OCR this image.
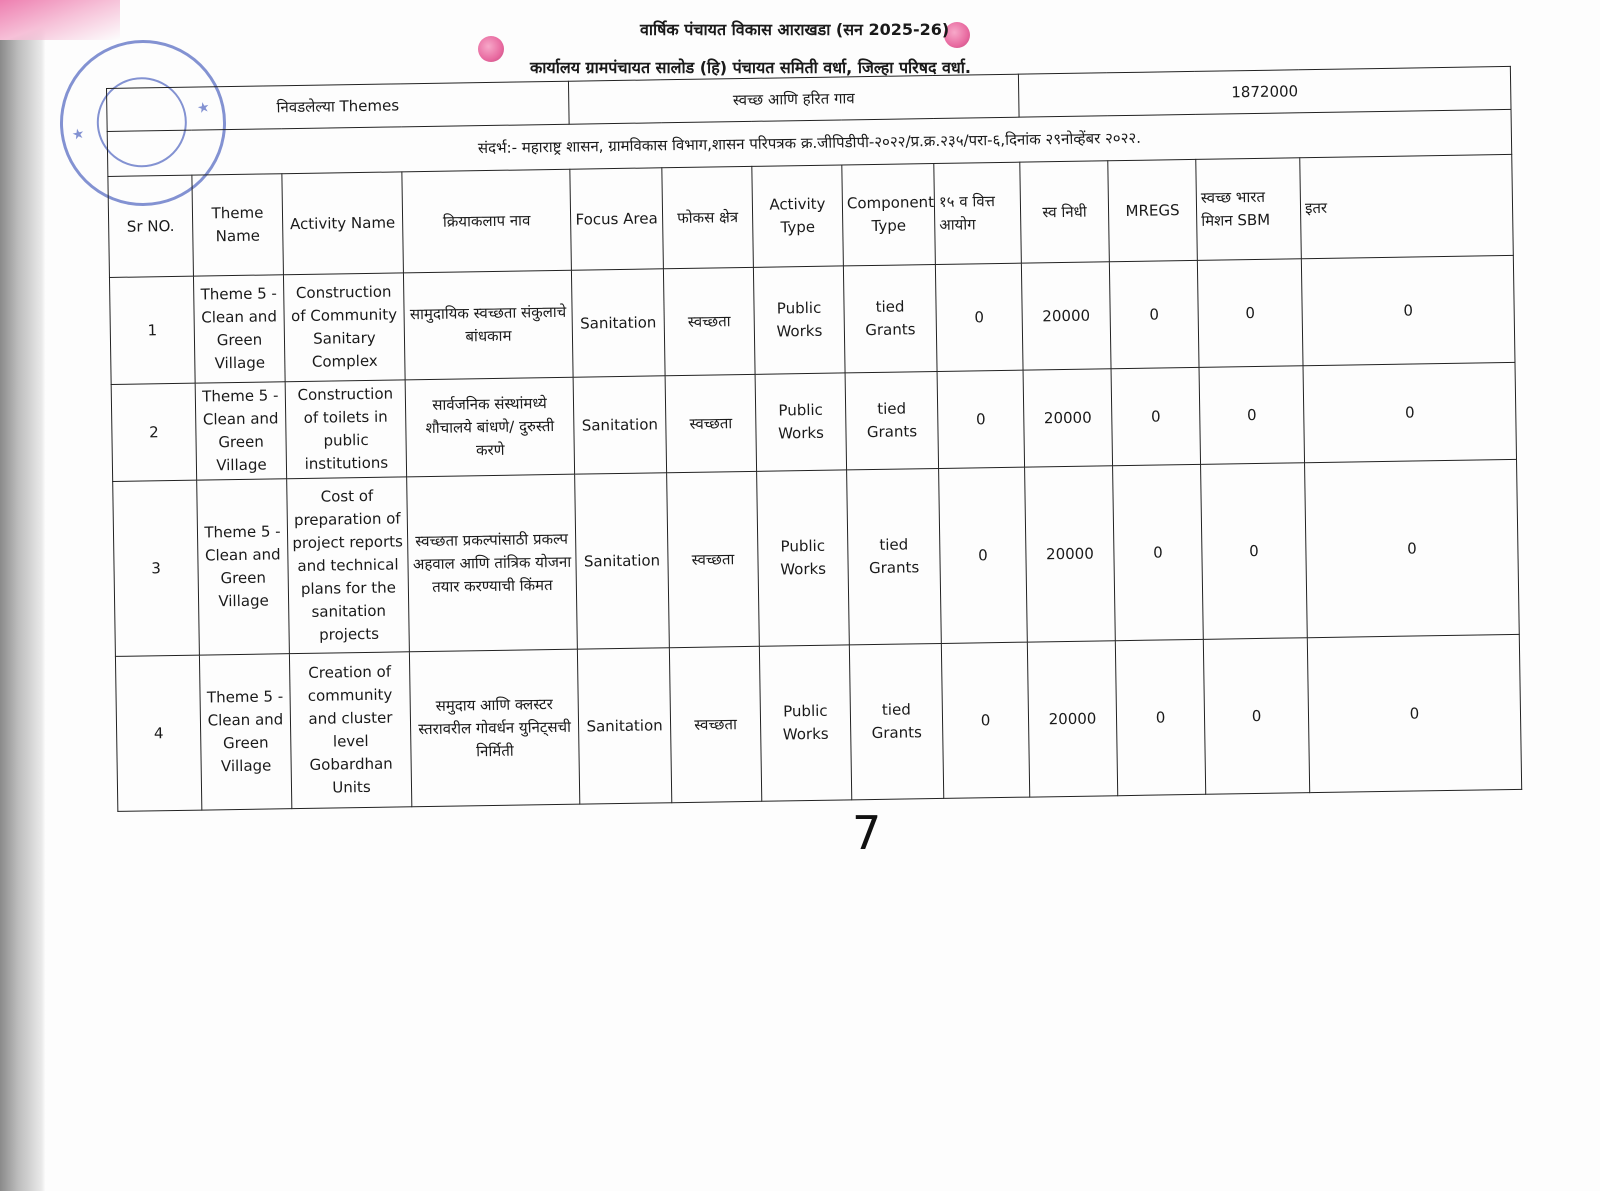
★
★
वार्षिक पंचायत विकास आराखडा (सन 2025-26)
कार्यालय ग्रामपंचायत सालोड (हि) पंचायत समिती वर्धा, जिल्हा परिषद वर्धा.
निवडलेल्या Themes				स्वच्छ आणि हरित गाव					1872000			
संदर्भ:- महाराष्ट्र शासन, ग्रामविकास विभाग,शासन परिपत्रक क्र.जीपिडीपी-२०२२/प्र.क्र.२३५/परा-६,दिनांक २९नोव्हेंबर २०२२.												
Sr NO.	Theme Name	Activity Name	क्रियाकलाप नाव	Focus Area	फोकस क्षेत्र	Activity Type	Component Type	१५ व वित्त आयोग	स्व निधी	MREGS	स्वच्छ भारत मिशन SBM	इतर
1	Theme 5 - Clean and Green Village	Construction of Community Sanitary Complex	सामुदायिक स्वच्छता संकुलाचे बांधकाम	Sanitation	स्वच्छता	Public Works	tied Grants	0	20000	0	0	0
2	Theme 5 - Clean and Green Village	Construction of toilets in public institutions	सार्वजनिक संस्थांमध्ये शौचालये बांधणे/ दुरुस्ती करणे	Sanitation	स्वच्छता	Public Works	tied Grants	0	20000	0	0	0
3	Theme 5 - Clean and Green Village	Cost of preparation of project reports and technical plans for the sanitation projects	स्वच्छता प्रकल्पांसाठी प्रकल्प अहवाल आणि तांत्रिक योजना तयार करण्याची किंमत	Sanitation	स्वच्छता	Public Works	tied Grants	0	20000	0	0	0
4	Theme 5 - Clean and Green Village	Creation of community and cluster level Gobardhan Units	समुदाय आणि क्लस्टर स्तरावरील गोवर्धन युनिट्सची निर्मिती	Sanitation	स्वच्छता	Public Works	tied Grants	0	20000	0	0	0
7
